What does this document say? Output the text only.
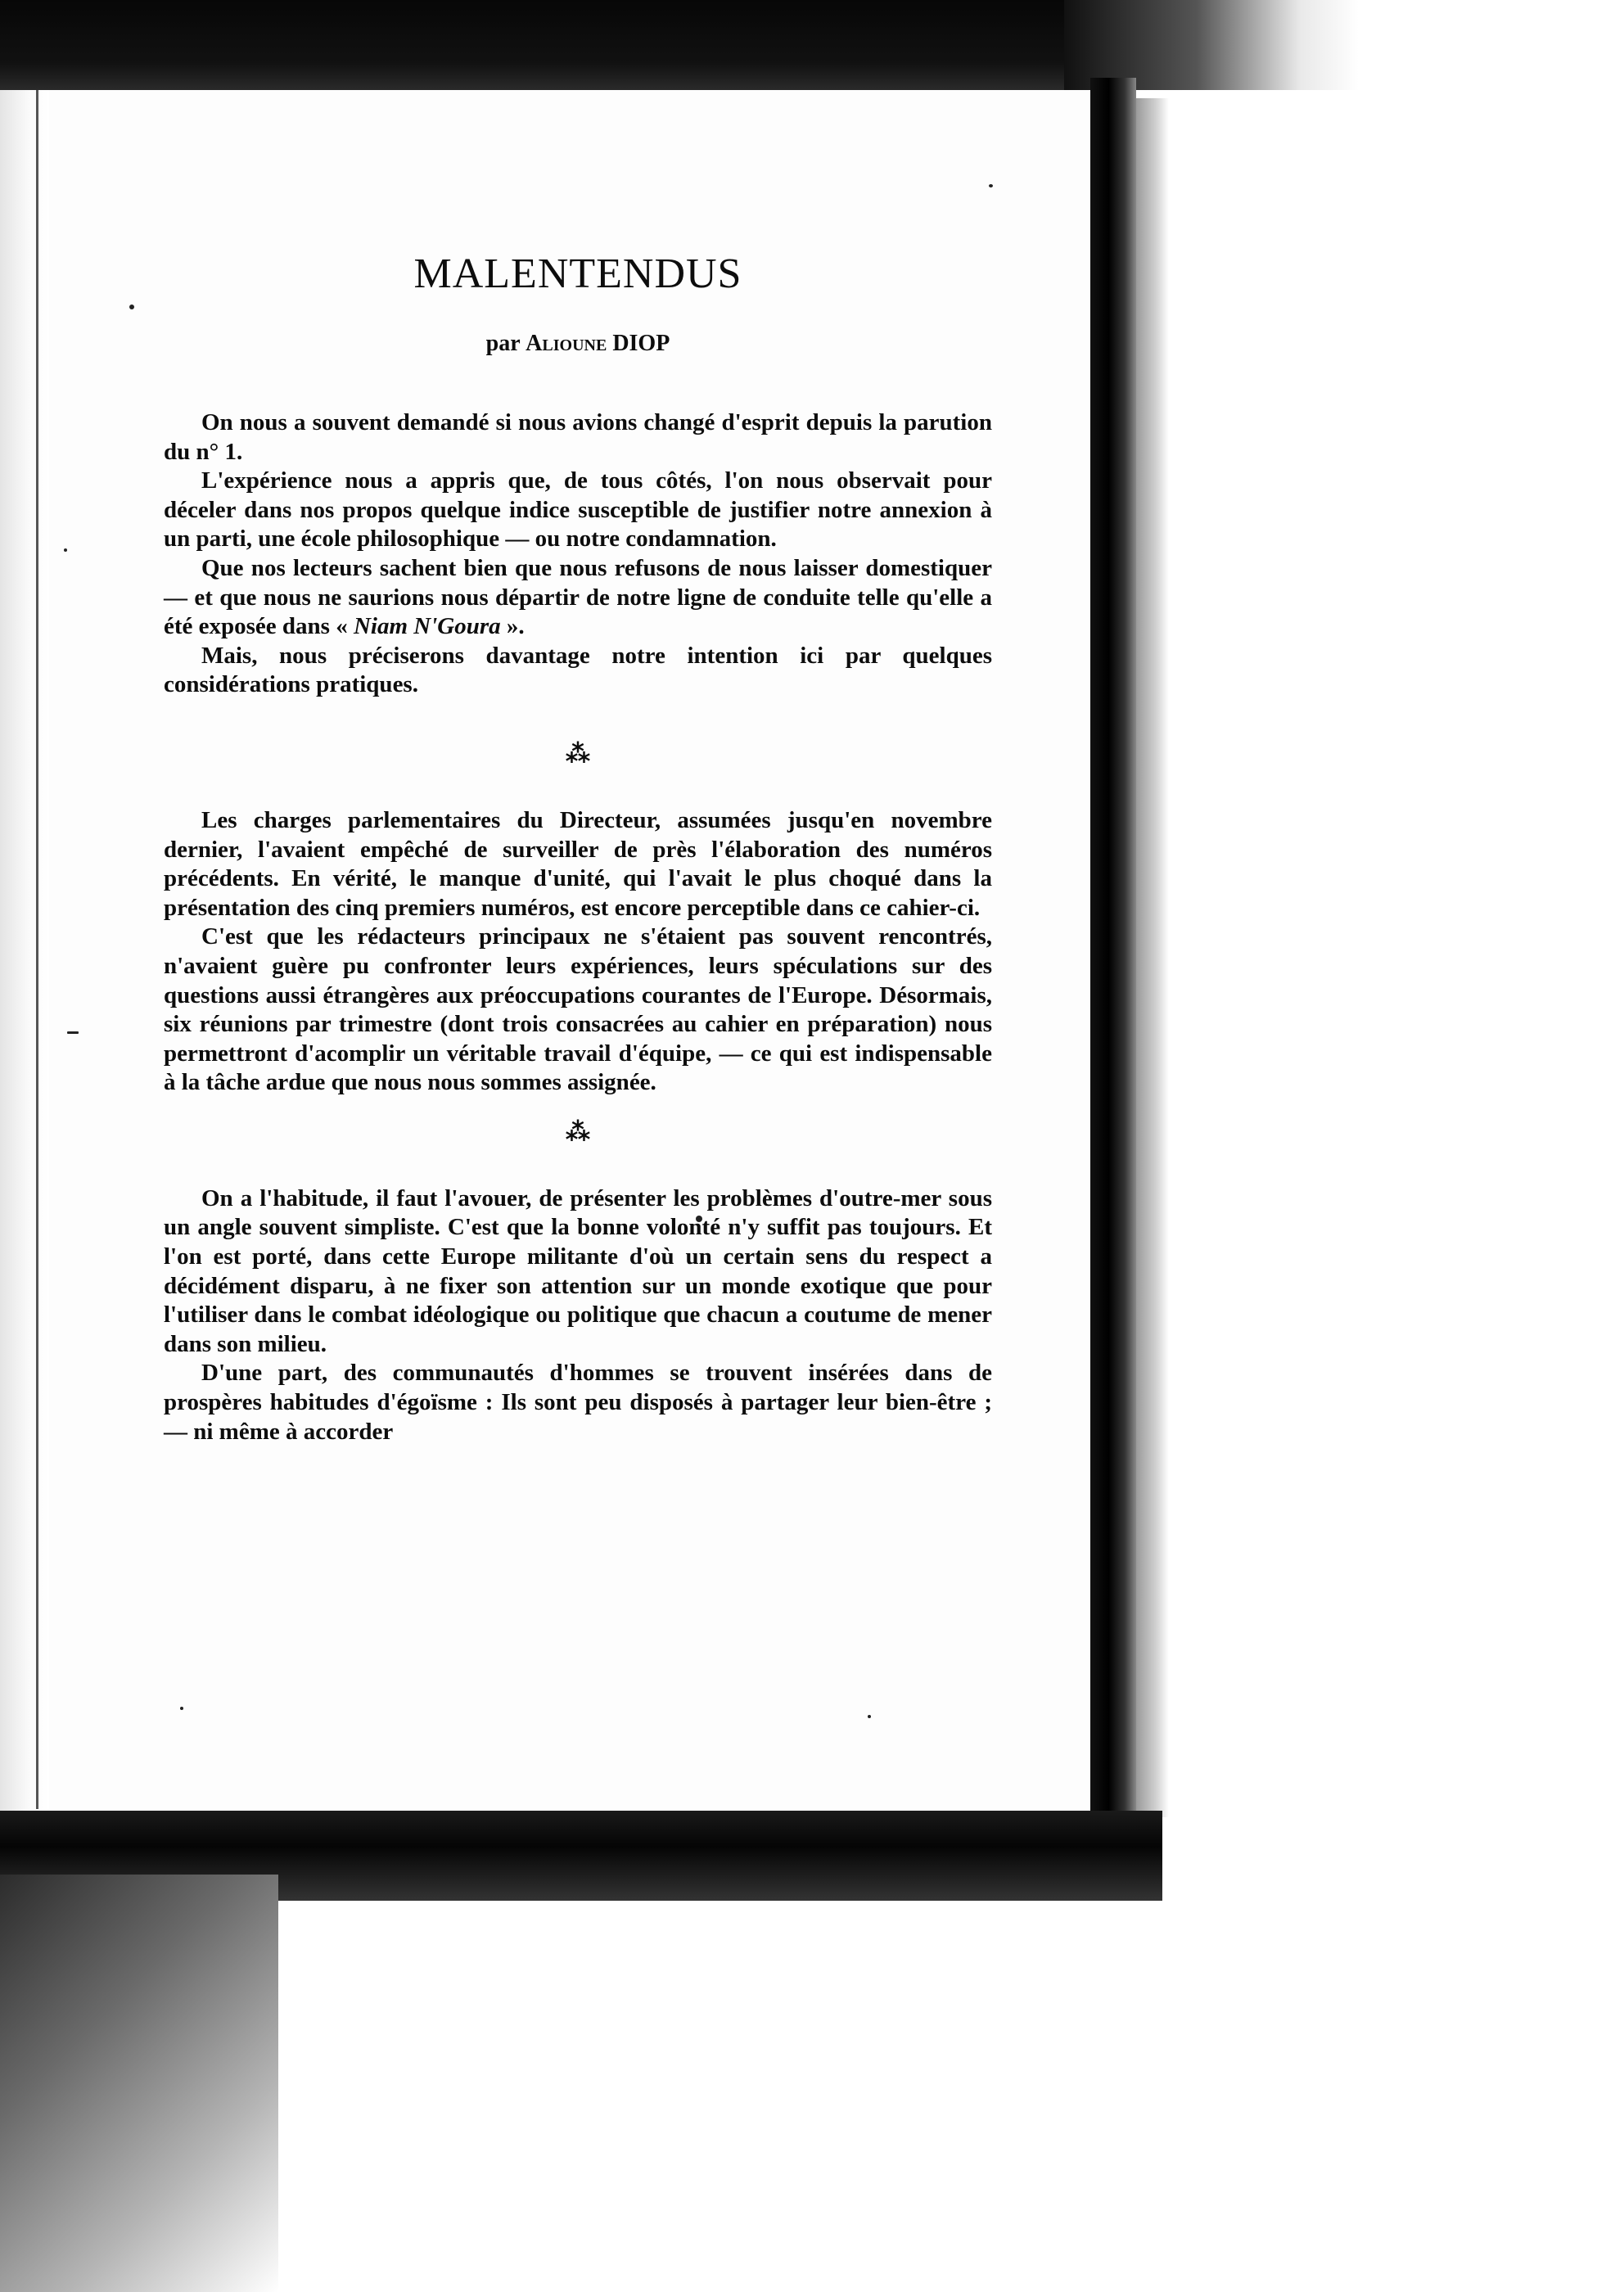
MALENTENDUS

par Alioune DIOP

On nous a souvent demandé si nous avions changé d'esprit depuis la parution du n° 1.

L'expérience nous a appris que, de tous côtés, l'on nous observait pour déceler dans nos propos quelque indice susceptible de justifier notre annexion à un parti, une école philosophique — ou notre condamnation.

Que nos lecteurs sachent bien que nous refusons de nous laisser domestiquer — et que nous ne saurions nous départir de notre ligne de conduite telle qu'elle a été exposée dans « Niam N'Goura ».

Mais, nous préciserons davantage notre intention ici par quelques considérations pratiques.

⁂

Les charges parlementaires du Directeur, assumées jusqu'en novembre dernier, l'avaient empêché de surveiller de près l'élaboration des numéros précédents. En vérité, le manque d'unité, qui l'avait le plus choqué dans la présentation des cinq premiers numéros, est encore perceptible dans ce cahier-ci.

C'est que les rédacteurs principaux ne s'étaient pas souvent rencontrés, n'avaient guère pu confronter leurs expériences, leurs spéculations sur des questions aussi étrangères aux préoccupations courantes de l'Europe. Désormais, six réunions par trimestre (dont trois consacrées au cahier en préparation) nous permettront d'acomplir un véritable travail d'équipe, — ce qui est indispensable à la tâche ardue que nous nous sommes assignée.

⁂

On a l'habitude, il faut l'avouer, de présenter les problèmes d'outre-mer sous un angle souvent simpliste. C'est que la bonne volonté n'y suffit pas toujours. Et l'on est porté, dans cette Europe militante d'où un certain sens du respect a décidément disparu, à ne fixer son attention sur un monde exotique que pour l'utiliser dans le combat idéologique ou politique que chacun a coutume de mener dans son milieu.

D'une part, des communautés d'hommes se trouvent insérées dans de prospères habitudes d'égoïsme : Ils sont peu disposés à partager leur bien-être ; — ni même à accorder
